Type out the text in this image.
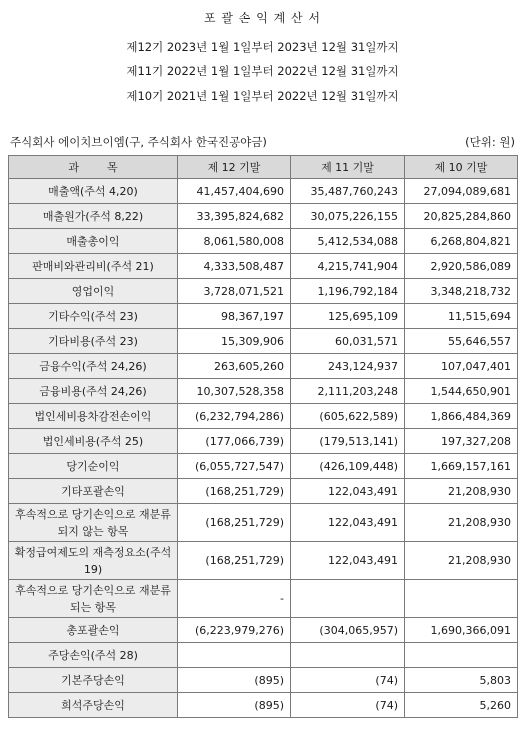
포 괄 손 익 계 산 서
제12기 2023년 1월 1일부터 2023년 12월 31일까지
제11기 2022년 1월 1일부터 2022년 12월 31일까지
제10기 2021년 1월 1일부터 2022년 12월 31일까지
주식회사 에이치브이엠(구, 주식회사 한국진공야금)	(단위: 원)
과        목	제 12 기말	제 11 기말	제 10 기말
매출액(주석 4,20)	41,457,404,690	35,487,760,243	27,094,089,681
매출원가(주석 8,22)	33,395,824,682	30,075,226,155	20,825,284,860
매출총이익	8,061,580,008	5,412,534,088	6,268,804,821
판매비와관리비(주석 21)	4,333,508,487	4,215,741,904	2,920,586,089
영업이익	3,728,071,521	1,196,792,184	3,348,218,732
기타수익(주석 23)	98,367,197	125,695,109	11,515,694
기타비용(주석 23)	15,309,906	60,031,571	55,646,557
금융수익(주석 24,26)	263,605,260	243,124,937	107,047,401
금융비용(주석 24,26)	10,307,528,358	2,111,203,248	1,544,650,901
법인세비용차감전손이익	(6,232,794,286)	(605,622,589)	1,866,484,369
법인세비용(주석 25)	(177,066,739)	(179,513,141)	197,327,208
당기순이익	(6,055,727,547)	(426,109,448)	1,669,157,161
기타포괄손익	(168,251,729)	122,043,491	21,208,930
후속적으로 당기손익으로 재분류되지 않는 항목	(168,251,729)	122,043,491	21,208,930
확정급여제도의 재측정요소(주석 19)	(168,251,729)	122,043,491	21,208,930
후속적으로 당기손익으로 재분류되는 항목	-		
총포괄손익	(6,223,979,276)	(304,065,957)	1,690,366,091
주당손익(주석 28)			
기본주당손익	(895)	(74)	5,803
희석주당손익	(895)	(74)	5,260
